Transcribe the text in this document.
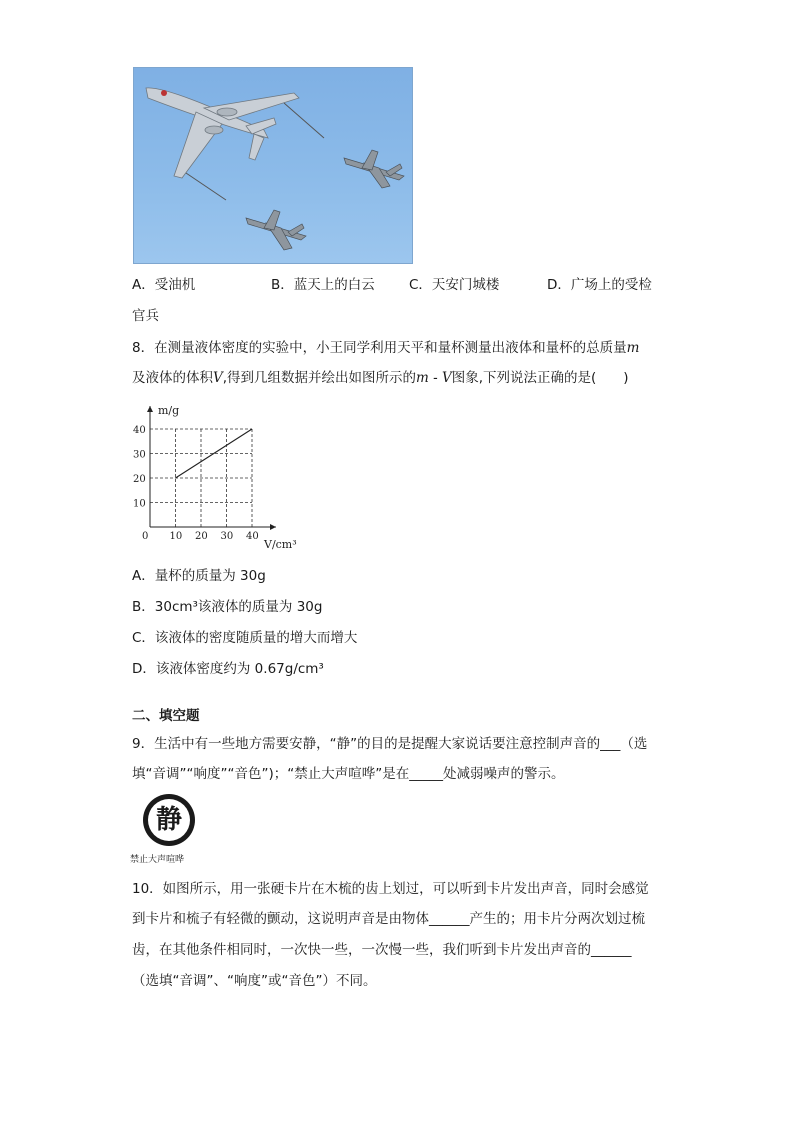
A．受油机	B．蓝天上的白云	C．天安门城楼	D．广场上的受检
官兵
8．在测量液体密度的实验中，小王同学利用天平和量杯测量出液体和量杯的总质量m
及液体的体积V,得到几组数据并绘出如图所示的m - V图象,下列说法正确的是(　　)
0 10 20 30 40
10
20
30
40
m/g
V/cm³
A．量杯的质量为 30g
B．30cm³该液体的质量为 30g
C．该液体的密度随质量的增大而增大
D．该液体密度约为 0.67g/cm³
二、填空题
9．生活中有一些地方需要安静，“静”的目的是提醒大家说话要注意控制声音的___（选
填“音调”“响度”“音色”)；“禁止大声喧哗”是在_____处减弱噪声的警示。
静
禁止大声喧哗
10．如图所示，用一张硬卡片在木梳的齿上划过，可以听到卡片发出声音，同时会感觉
到卡片和梳子有轻微的颤动，这说明声音是由物体______产生的；用卡片分两次划过梳
齿，在其他条件相同时，一次快一些，一次慢一些，我们听到卡片发出声音的______
（选填“音调”、“响度”或“音色”）不同。
